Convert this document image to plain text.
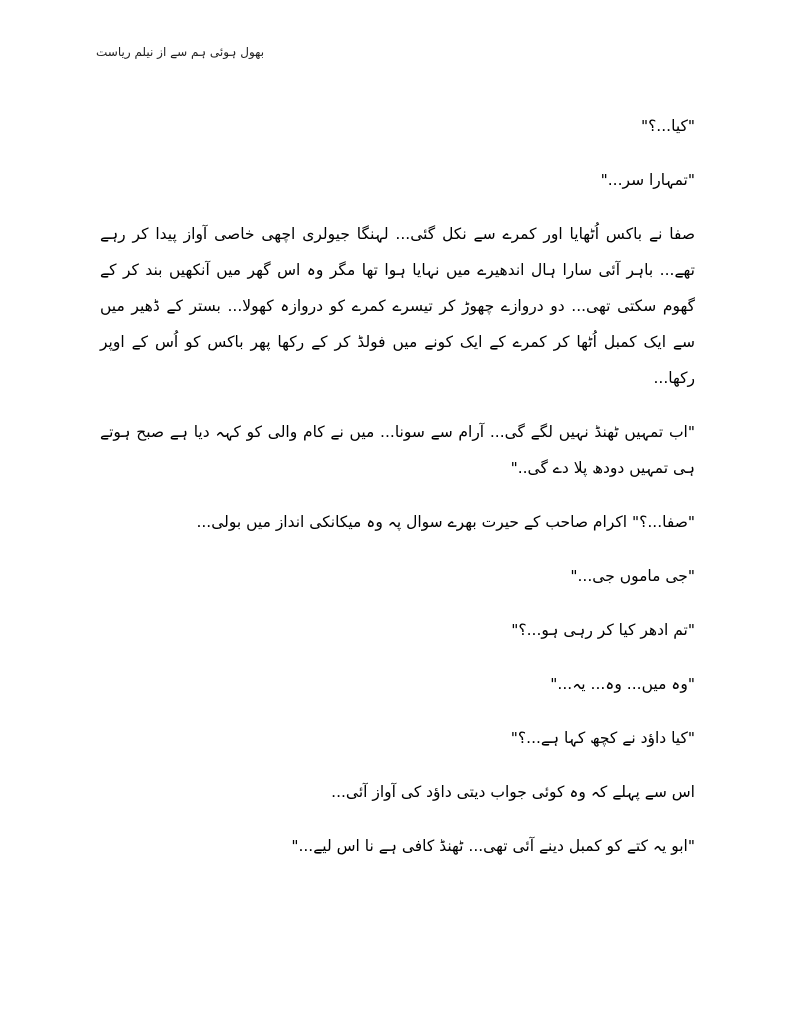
بھول ہوئی ہم سے از نیلم ریاست

"کیا...؟"

"تمہارا سر..."

صفا نے باکس اُٹھایا اور کمرے سے نکل گئی... لہنگا جیولری اچھی خاصی آواز پیدا کر رہے تھے... باہر آئی سارا ہال اندھیرے میں نہایا ہوا تھا مگر وہ اس گھر میں آنکھیں بند کر کے گھوم سکتی تھی... دو دروازے چھوڑ کر تیسرے کمرے کو دروازہ کھولا... بستر کے ڈھیر میں سے ایک کمبل اُٹھا کر کمرے کے ایک کونے میں فولڈ کر کے رکھا پھر باکس کو اُس کے اوپر رکھا...

"اب تمہیں ٹھنڈ نہیں لگے گی... آرام سے سونا... میں نے کام والی کو کہہ دیا ہے صبح ہوتے ہی تمہیں دودھ پلا دے گی.."

"صفا...؟" اکرام صاحب کے حیرت بھرے سوال پہ وہ میکانکی انداز میں بولی...

"جی ماموں جی..."

"تم ادھر کیا کر رہی ہو...؟"

"وہ میں... وہ... یہ..."

"کیا داؤد نے کچھ کہا ہے...؟"

اس سے پہلے کہ وہ کوئی جواب دیتی داؤد کی آواز آئی...

"ابو یہ کتے کو کمبل دینے آئی تھی... ٹھنڈ کافی ہے نا اس لیے..."
